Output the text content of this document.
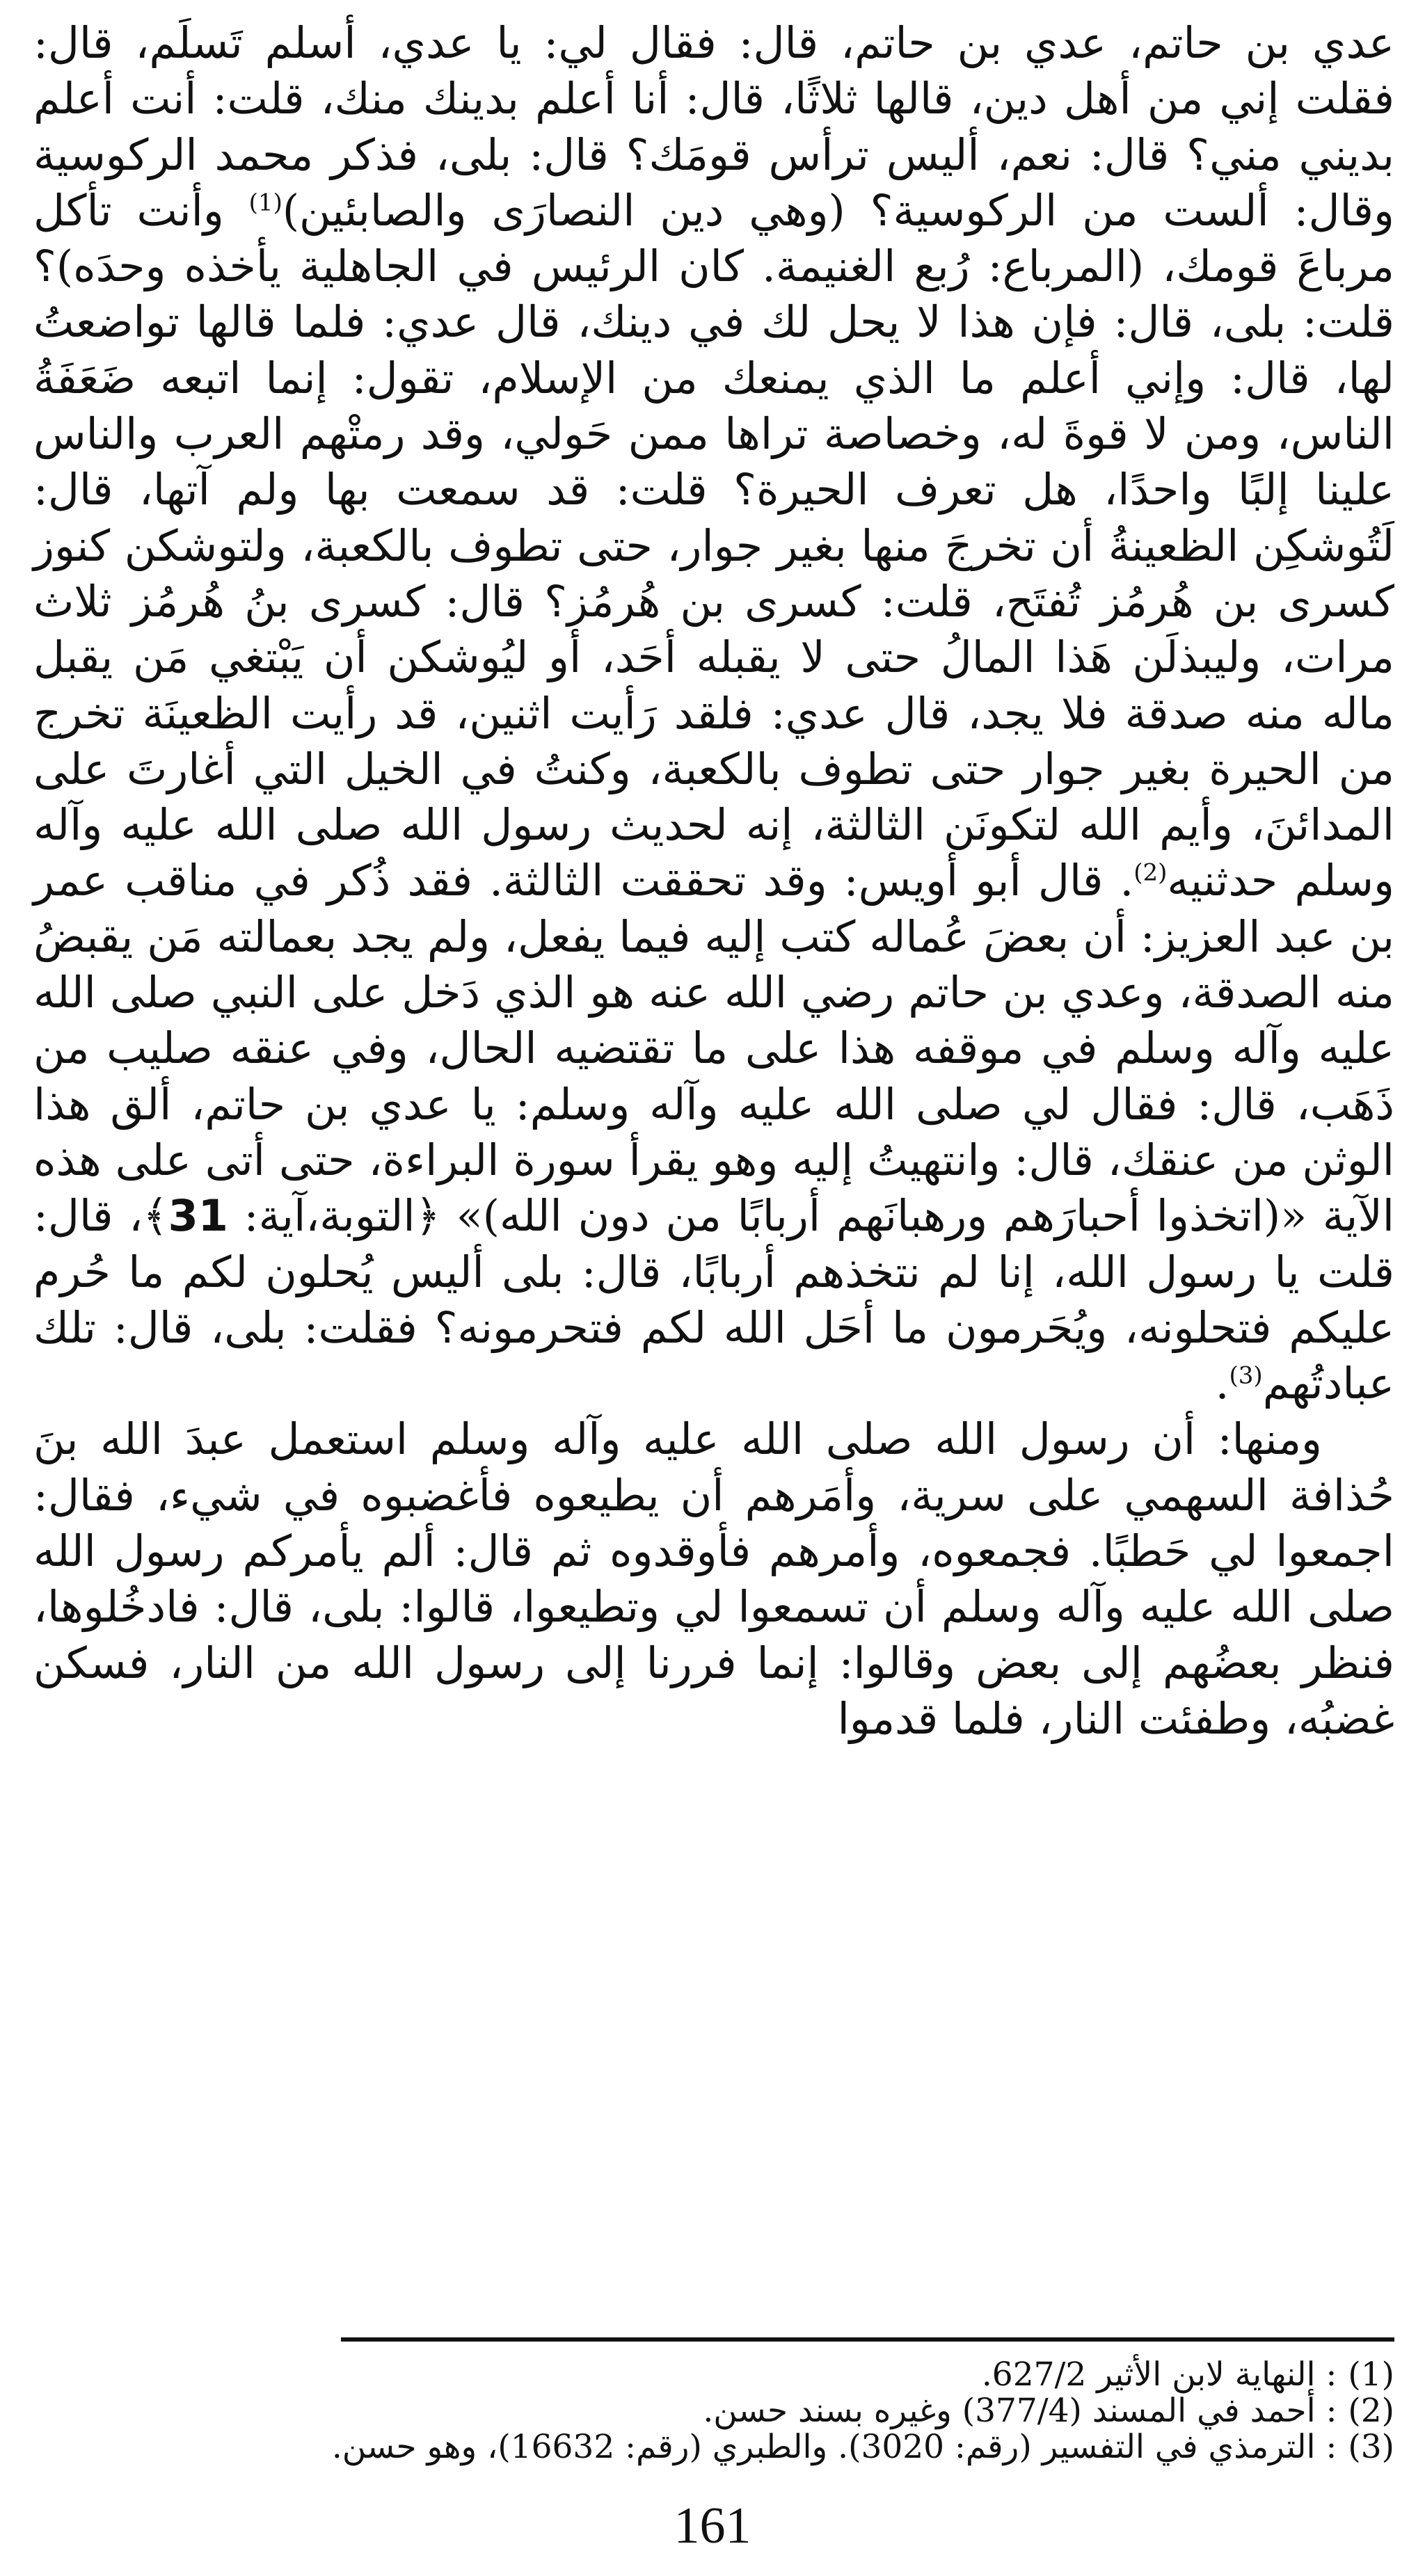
عدي بن حاتم، عدي بن حاتم، قال: فقال لي: يا عدي، أسلم تَسلَم، قال: فقلت إني من أهل دين، قالها ثلاثًا، قال: أنا أعلم بدينك منك، قلت: أنت أعلم بديني مني؟ قال: نعم، أليس ترأس قومَك؟ قال: بلى، فذكر محمد الركوسية وقال: ألست من الركوسية؟ (وهي دين النصارَى والصابئين)$^{(1)}$ وأنت تأكل مرباعَ قومك، (المرباع: رُبع الغنيمة. كان الرئيس في الجاهلية يأخذه وحدَه)؟ قلت: بلى، قال: فإن هذا لا يحل لك في دينك، قال عدي: فلما قالها تواضعتُ لها، قال: وإني أعلم ما الذي يمنعك من الإسلام، تقول: إنما اتبعه ضَعَفَةُ الناس، ومن لا قوةَ له، وخصاصة تراها ممن حَولي، وقد رمتْهم العرب والناس علينا إلبًا واحدًا، هل تعرف الحيرة؟ قلت: قد سمعت بها ولم آتها، قال: لَتُوشكِن الظعينةُ أن تخرجَ منها بغير جوار، حتى تطوف بالكعبة، ولتوشكن كنوز كسرى بن هُرمُز تُفتَح، قلت: كسرى بن هُرمُز؟ قال: كسرى بنُ هُرمُز ثلاث مرات، وليبذلَن هَذا المالُ حتى لا يقبله أحَد، أو ليُوشكن أن يَبْتغي مَن يقبل ماله منه صدقة فلا يجد، قال عدي: فلقد رَأيت اثنين، قد رأيت الظعينَة تخرج من الحيرة بغير جوار حتى تطوف بالكعبة، وكنتُ في الخيل التي أغارتَ على المدائنَ، وأيم الله لتكونَن الثالثة، إنه لحديث رسول الله صلى الله عليه وآله وسلم حدثنيه$^{(2)}$. قال أبو أويس: وقد تحققت الثالثة. فقد ذُكر في مناقب عمر بن عبد العزيز: أن بعضَ عُماله كتب إليه فيما يفعل، ولم يجد بعمالته مَن يقبضُ منه الصدقة، وعدي بن حاتم رضي الله عنه هو الذي دَخل على النبي صلى الله عليه وآله وسلم في موقفه هذا على ما تقتضيه الحال، وفي عنقه صليب من ذَهَب، قال: فقال لي صلى الله عليه وآله وسلم: يا عدي بن حاتم، ألق هذا الوثن من عنقك، قال: وانتهيتُ إليه وهو يقرأ سورة البراءة، حتى أتى على هذه الآية «(اتخذوا أحبارَهم ورهبانَهم أربابًا من دون الله)» ﴿التوبة،آية: 31﴾، قال: قلت يا رسول الله، إنا لم نتخذهم أربابًا، قال: بلى أليس يُحلون لكم ما حُرم عليكم فتحلونه، ويُحَرمون ما أحَل الله لكم فتحرمونه؟ فقلت: بلى، قال: تلك عبادتُهم$^{(3)}$.

ومنها: أن رسول الله صلى الله عليه وآله وسلم استعمل عبدَ الله بنَ حُذافة السهمي على سرية، وأمَرهم أن يطيعوه فأغضبوه في شيء، فقال: اجمعوا لي حَطبًا. فجمعوه، وأمرهم فأوقدوه ثم قال: ألم يأمركم رسول الله صلى الله عليه وآله وسلم أن تسمعوا لي وتطيعوا، قالوا: بلى، قال: فادخُلوها، فنظر بعضُهم إلى بعض وقالوا: إنما فررنا إلى رسول الله من النار، فسكن غضبُه، وطفئت النار، فلما قدموا

(1)
: النهاية لابن الأثير 627/2.
(2)
: أحمد في المسند (377/4) وغيره بسند حسن.
(3)
: الترمذي في التفسير (رقم: 3020). والطبري (رقم: 16632)، وهو حسن.
161
